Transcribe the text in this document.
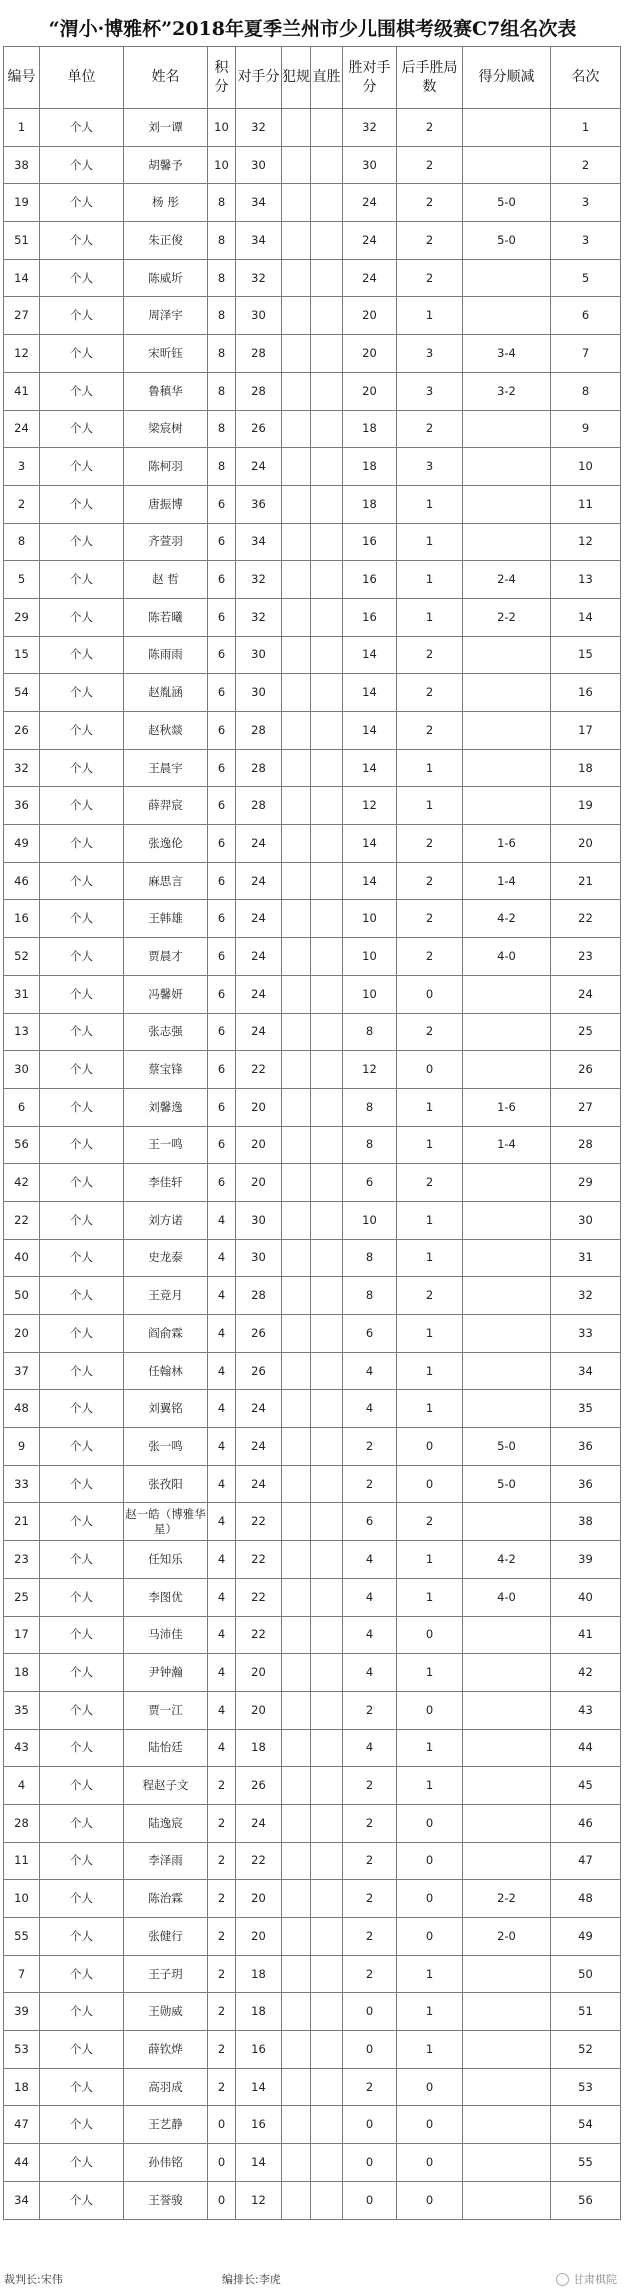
“渭小·博雅杯”2018年夏季兰州市少儿围棋考级赛C7组名次表
编号	单位	姓名	积分	对手分	犯规	直胜	胜对手分	后手胜局数	得分顺减	名次
1	个人	刘一谭	10	32			32	2		1
38	个人	胡馨予	10	30			30	2		2
19	个人	杨 彤	8	34			24	2	5-0	3
51	个人	朱正俊	8	34			24	2	5-0	3
14	个人	陈威圻	8	32			24	2		5
27	个人	周泽宇	8	30			20	1		6
12	个人	宋昕钰	8	28			20	3	3-4	7
41	个人	鲁稹华	8	28			20	3	3-2	8
24	个人	梁宸树	8	26			18	2		9
3	个人	陈柯羽	8	24			18	3		10
2	个人	唐振博	6	36			18	1		11
8	个人	齐萱羽	6	34			16	1		12
5	个人	赵 哲	6	32			16	1	2-4	13
29	个人	陈若曦	6	32			16	1	2-2	14
15	个人	陈雨雨	6	30			14	2		15
54	个人	赵胤涵	6	30			14	2		16
26	个人	赵秋燚	6	28			14	2		17
32	个人	王晨宇	6	28			14	1		18
36	个人	薛羿宸	6	28			12	1		19
49	个人	张逸伦	6	24			14	2	1-6	20
46	个人	麻思言	6	24			14	2	1-4	21
16	个人	王韩雄	6	24			10	2	4-2	22
52	个人	贾晨才	6	24			10	2	4-0	23
31	个人	冯馨妍	6	24			10	0		24
13	个人	张志强	6	24			8	2		25
30	个人	蔡宝锋	6	22			12	0		26
6	个人	刘馨逸	6	20			8	1	1-6	27
56	个人	王一鸣	6	20			8	1	1-4	28
42	个人	李佳轩	6	20			6	2		29
22	个人	刘方诺	4	30			10	1		30
40	个人	史龙泰	4	30			8	1		31
50	个人	王竞月	4	28			8	2		32
20	个人	阎俞霖	4	26			6	1		33
37	个人	任翰林	4	26			4	1		34
48	个人	刘翼铭	4	24			4	1		35
9	个人	张一鸣	4	24			2	0	5-0	36
33	个人	张孜阳	4	24			2	0	5-0	36
21	个人	赵一皓（博雅华星）	4	22			6	2		38
23	个人	任知乐	4	22			4	1	4-2	39
25	个人	李图优	4	22			4	1	4-0	40
17	个人	马沛佳	4	22			4	0		41
18	个人	尹钟瀚	4	20			4	1		42
35	个人	贾一江	4	20			2	0		43
43	个人	陆怡廷	4	18			4	1		44
4	个人	程赵子文	2	26			2	1		45
28	个人	陆逸宸	2	24			2	0		46
11	个人	李泽雨	2	22			2	0		47
10	个人	陈治霖	2	20			2	0	2-2	48
55	个人	张健行	2	20			2	0	2-0	49
7	个人	王子玥	2	18			2	1		50
39	个人	王勋威	2	18			0	1		51
53	个人	薛钦烨	2	16			0	1		52
18	个人	高羽成	2	14			2	0		53
47	个人	王艺静	0	16			0	0		54
44	个人	孙伟铭	0	14			0	0		55
34	个人	王誉骏	0	12			0	0		56
裁判长:宋伟	编排长:李虎	甘肃棋院
